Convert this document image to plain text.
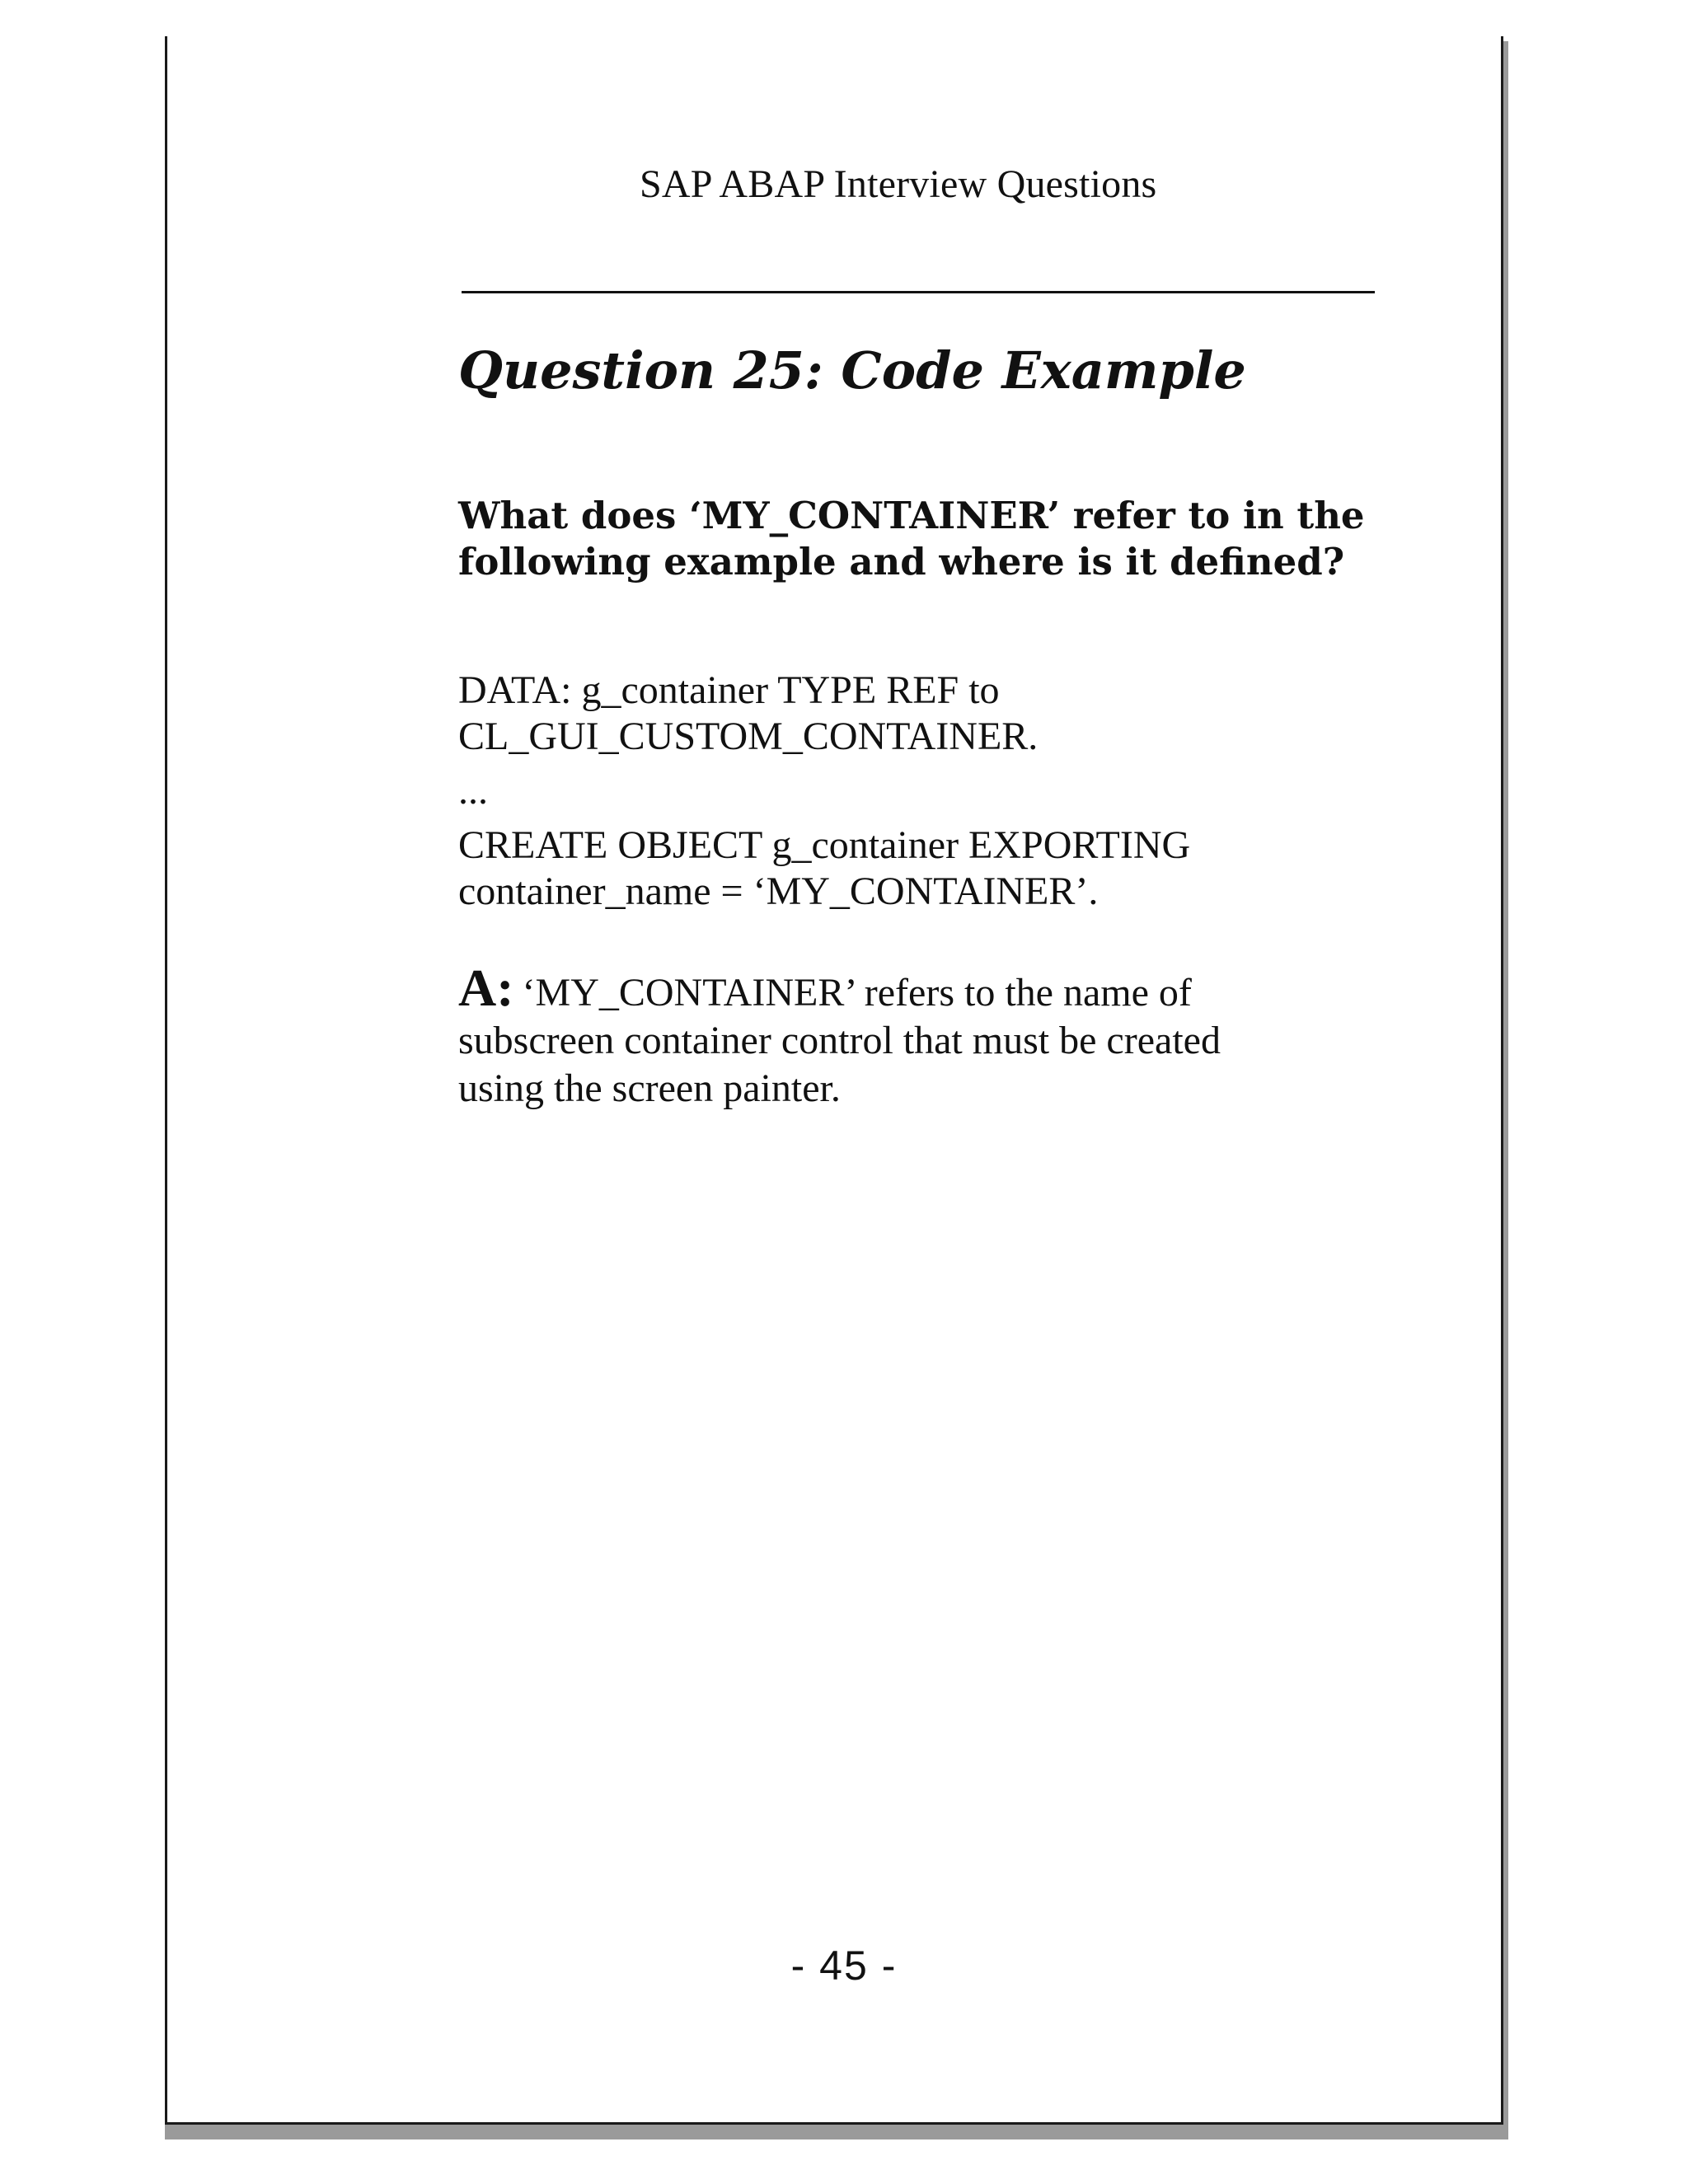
SAP ABAP Interview Questions
Question 25: Code Example
What does ‘MY_CONTAINER’ refer to in the
following example and where is it defined?
DATA: g_container TYPE REF to
CL_GUI_CUSTOM_CONTAINER.
...
CREATE OBJECT g_container EXPORTING
container_name = ‘MY_CONTAINER’.
A: ‘MY_CONTAINER’ refers to the name of
subscreen container control that must be created
using the screen painter.
- 45 -
